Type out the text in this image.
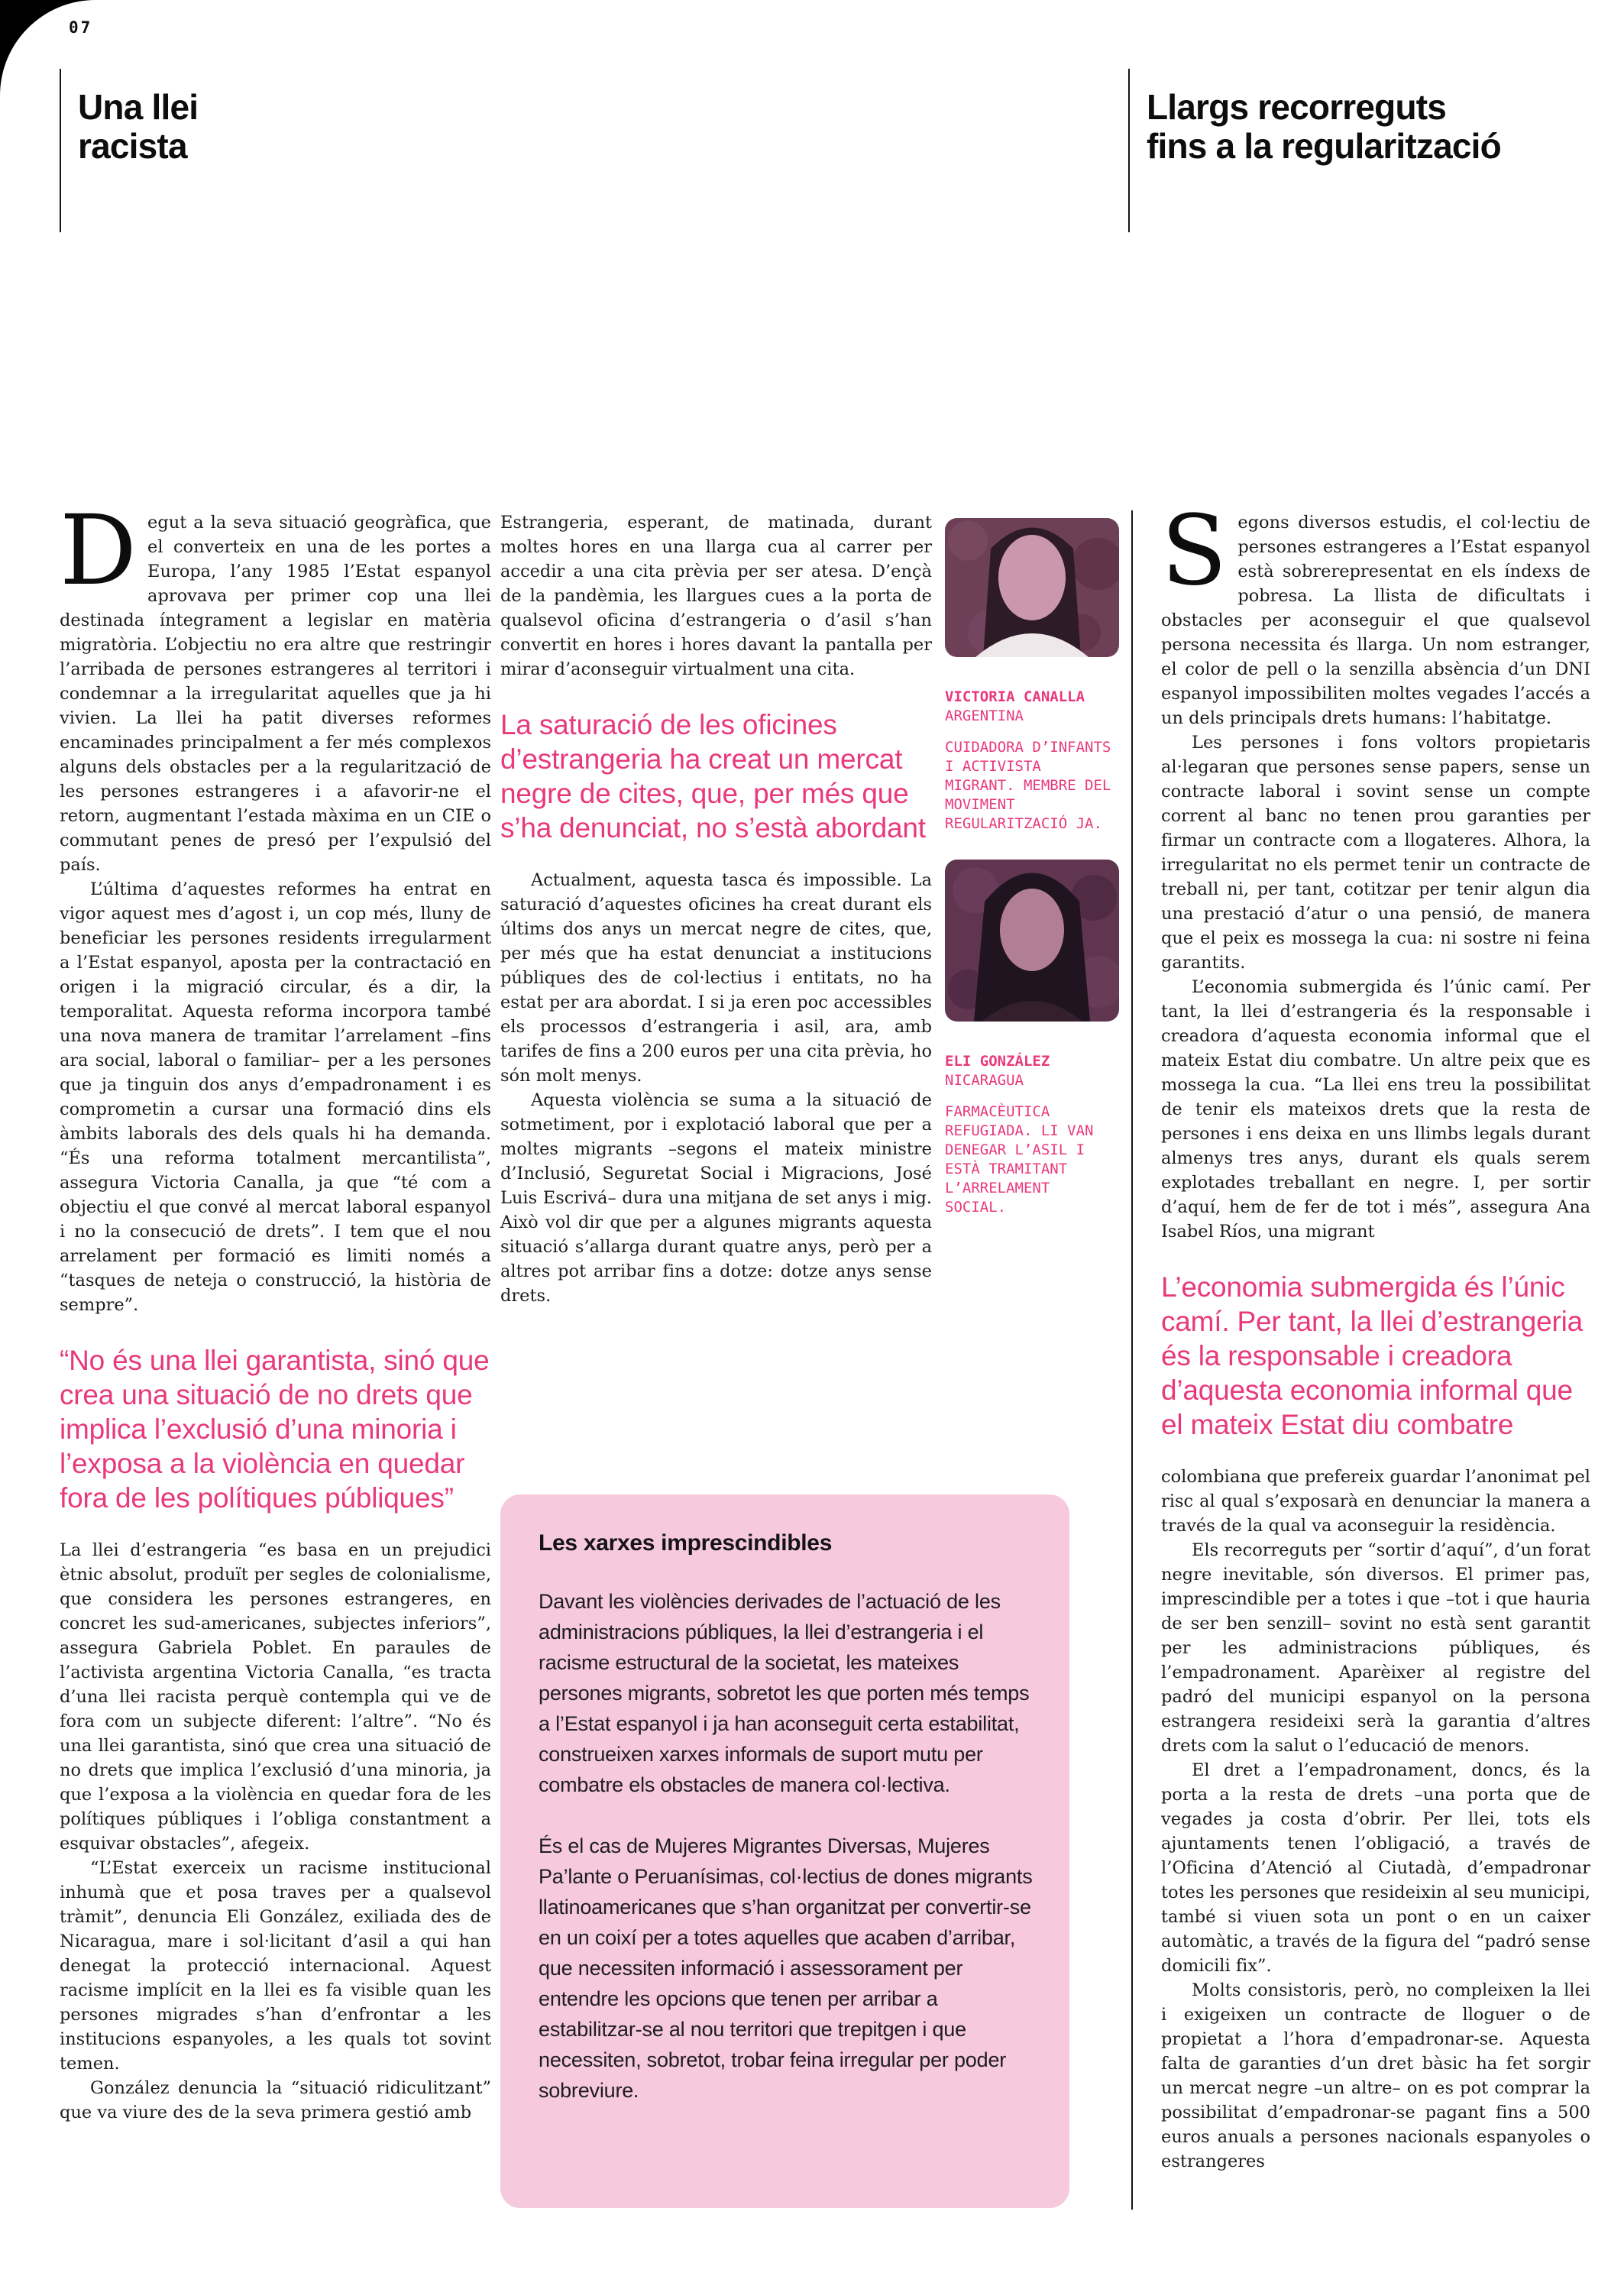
07
Una llei
racista
Llargs recorreguts
fins a la regularització

Degut a la seva situació geogràfica, que el converteix en una de les portes a Europa, l’any 1985 l’Estat espanyol aprovava per primer cop una llei destinada íntegrament a legislar en matèria migratòria. L’objectiu no era altre que restringir l’arribada de persones estrangeres al territori i condemnar a la irregularitat aquelles que ja hi vivien. La llei ha patit diverses reformes encaminades principalment a fer més complexos alguns dels obstacles per a la regularització de les persones estrangeres i a afavorir-ne el retorn, augmentant l’estada màxima en un CIE o commutant penes de presó per l’expulsió del país.

L’última d’aquestes reformes ha entrat en vigor aquest mes d’agost i, un cop més, lluny de beneficiar les persones residents irregularment a l’Estat espanyol, aposta per la contractació en origen i la migració circular, és a dir, la temporalitat. Aquesta reforma incorpora també una nova manera de tramitar l’arrelament –fins ara social, laboral o familiar– per a les persones que ja tinguin dos anys d’empadronament i es comprometin a cursar una formació dins els àmbits laborals des dels quals hi ha demanda. “És una reforma totalment mercantilista”, assegura Victoria Canalla, ja que “té com a objectiu el que convé al mercat laboral espanyol i no la consecució de drets”. I tem que el nou arrelament per formació es limiti només a “tasques de neteja o construcció, la història de sempre”.

“No és una llei garantista, sinó que crea una situació de no drets que implica l’exclusió d’una minoria i l’exposa a la violència en quedar fora de les polítiques públiques”

La llei d’estrangeria “es basa en un prejudici ètnic absolut, produït per segles de colonialisme, que considera les persones estrangeres, en concret les sud-americanes, subjectes inferiors”, assegura Gabriela Poblet. En paraules de l’activista argentina Victoria Canalla, “es tracta d’una llei racista perquè contempla qui ve de fora com un subjecte diferent: l’altre”. “No és una llei garantista, sinó que crea una situació de no drets que implica l’exclusió d’una minoria, ja que l’exposa a la violència en quedar fora de les polítiques públiques i l’obliga constantment a esquivar obstacles”, afegeix.

“L’Estat exerceix un racisme institucional inhumà que et posa traves per a qualsevol tràmit”, denuncia Eli González, exiliada des de Nicaragua, mare i sol·licitant d’asil a qui han denegat la protecció internacional. Aquest racisme implícit en la llei es fa visible quan les persones migrades s’han d’enfrontar a les institucions espanyoles, a les quals tot sovint temen.

González denuncia la “situació ridiculitzant” que va viure des de la seva primera gestió amb

Estrangeria, esperant, de matinada, durant moltes hores en una llarga cua al carrer per accedir a una cita prèvia per ser atesa. D’ençà de la pandèmia, les llargues cues a la porta de qualsevol oficina d’estrangeria o d’asil s’han convertit en hores i hores davant la pantalla per mirar d’aconseguir virtualment una cita.

La saturació de les oficines d’estrangeria ha creat un mercat negre de cites, que, per més que s’ha denunciat, no s’està abordant

Actualment, aquesta tasca és impossible. La saturació d’aquestes oficines ha creat durant els últims dos anys un mercat negre de cites, que, per més que ha estat denunciat a institucions públiques des de col·lectius i entitats, no ha estat per ara abordat. I si ja eren poc accessibles els processos d’estrangeria i asil, ara, amb tarifes de fins a 200 euros per una cita prèvia, ho són molt menys.

Aquesta violència se suma a la situació de sotmetiment, por i explotació laboral que per a moltes migrants –segons el mateix ministre d’Inclusió, Seguretat Social i Migracions, José Luis Escrivá– dura una mitjana de set anys i mig. Això vol dir que per a algunes migrants aquesta situació s’allarga durant quatre anys, però per a altres pot arribar fins a dotze: dotze anys sense drets.

VICTORIA CANALLA
ARGENTINA
CUIDADORA D’INFANTS I ACTIVISTA MIGRANT. MEMBRE DEL MOVIMENT REGULARITZACIÓ JA.
ELI GONZÁLEZ
NICARAGUA
FARMACÈUTICA REFUGIADA. LI VAN DENEGAR L’ASIL I ESTÀ TRAMITANT L’ARRELAMENT SOCIAL.
Les xarxes imprescindibles

Davant les violències derivades de l’actuació de les administracions públiques, la llei d’estrangeria i el racisme estructural de la societat, les mateixes persones migrants, sobretot les que porten més temps a l’Estat espanyol i ja han aconseguit certa estabilitat, construeixen xarxes informals de suport mutu per combatre els obstacles de manera col·lectiva.

És el cas de Mujeres Migrantes Diversas, Mujeres Pa’lante o Peruanísimas, col·lectius de dones migrants llatinoamericanes que s’han organitzat per convertir-se en un coixí per a totes aquelles que acaben d’arribar, que necessiten informació i assessorament per entendre les opcions que tenen per arribar a estabilitzar-se al nou territori que trepitgen i que necessiten, sobretot, trobar feina irregular per poder sobreviure.

Segons diversos estudis, el col·lectiu de persones estrangeres a l’Estat espanyol està sobrerepresentat en els índexs de pobresa. La llista de dificultats i obstacles per aconseguir el que qualsevol persona necessita és llarga. Un nom estranger, el color de pell o la senzilla absència d’un DNI espanyol impossibiliten moltes vegades l’accés a un dels principals drets humans: l’habitatge.

Les persones i fons voltors propietaris al·legaran que persones sense papers, sense un contracte laboral i sovint sense un compte corrent al banc no tenen prou garanties per firmar un contracte com a llogateres. Alhora, la irregularitat no els permet tenir un contracte de treball ni, per tant, cotitzar per tenir algun dia una prestació d’atur o una pensió, de manera que el peix es mossega la cua: ni sostre ni feina garantits.

L’economia submergida és l’únic camí. Per tant, la llei d’estrangeria és la responsable i creadora d’aquesta economia informal que el mateix Estat diu combatre. Un altre peix que es mossega la cua. “La llei ens treu la possibilitat de tenir els mateixos drets que la resta de persones i ens deixa en uns llimbs legals durant almenys tres anys, durant els quals serem explotades treballant en negre. I, per sortir d’aquí, hem de fer de tot i més”, assegura Ana Isabel Ríos, una migrant

L’economia submergida és l’únic camí. Per tant, la llei d’estrangeria és la responsable i creadora d’aquesta economia informal que el mateix Estat diu combatre

colombiana que prefereix guardar l’anonimat pel risc al qual s’exposarà en denunciar la manera a través de la qual va aconseguir la residència.

Els recorreguts per “sortir d’aquí”, d’un forat negre inevitable, són diversos. El primer pas, imprescindible per a totes i que –tot i que hauria de ser ben senzill– sovint no està sent garantit per les administracions públiques, és l’empadronament. Aparèixer al registre del padró del municipi espanyol on la persona estrangera resideixi serà la garantia d’altres drets com la salut o l’educació de menors.

El dret a l’empadronament, doncs, és la porta a la resta de drets –una porta que de vegades ja costa d’obrir. Per llei, tots els ajuntaments tenen l’obligació, a través de l’Oficina d’Atenció al Ciutadà, d’empadronar totes les persones que resideixin al seu municipi, també si viuen sota un pont o en un caixer automàtic, a través de la figura del “padró sense domicili fix”.

Molts consistoris, però, no compleixen la llei i exigeixen un contracte de lloguer o de propietat a l’hora d’empadronar-se. Aquesta falta de garanties d’un dret bàsic ha fet sorgir un mercat negre –un altre– on es pot comprar la possibilitat d’empadronar-se pagant fins a 500 euros anuals a persones nacionals espanyoles o estrangeres
